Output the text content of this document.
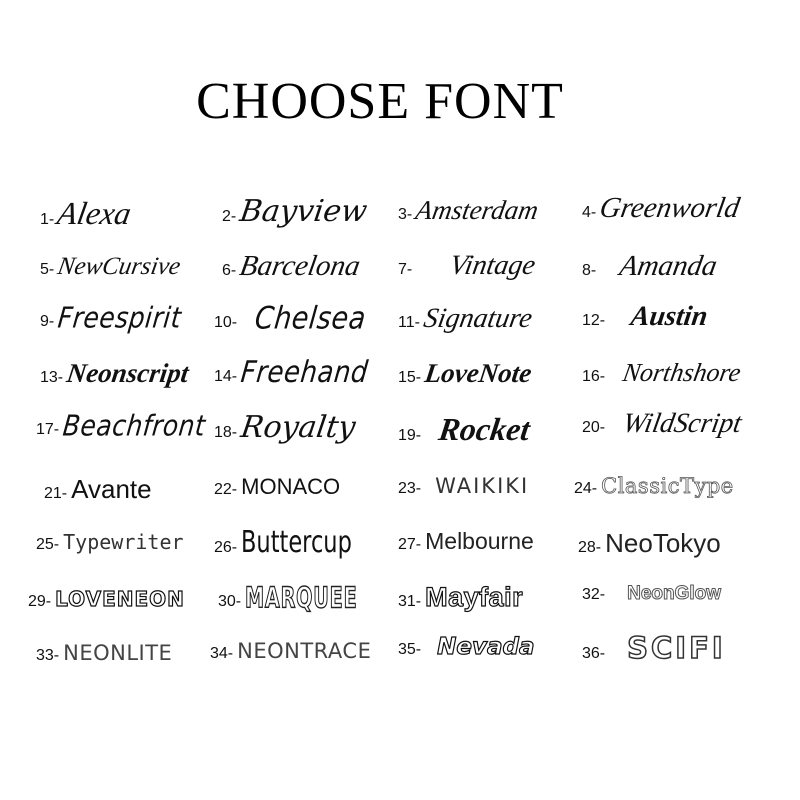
CHOOSE FONT
1- Alexa	2- Bayview 3- Amsterdam	4- Greenworld
5- NewCursive 6- Barcelona 7- Vintage	8- Amanda
9- Freespirit 10- Chelsea 11- Signature	12- Austin
13- Neonscript 14- Freehand 15- LoveNote	16- Northshore
17- Beachfront 18- Royalty	19- Rocket	20- WildScript
21- Avante	22- MONACO	23- WAIKIKI	24- ClassicType
25- Typewriter 26- Buttercup	27- Melbourne	28- NeoTokyo
29- LOVENEON 30- MARQUEE	31- Mayfair	32- NeonGlow
33- NEONLITE 34- NEONTRACE 35- Nevada	36- SCIFI
